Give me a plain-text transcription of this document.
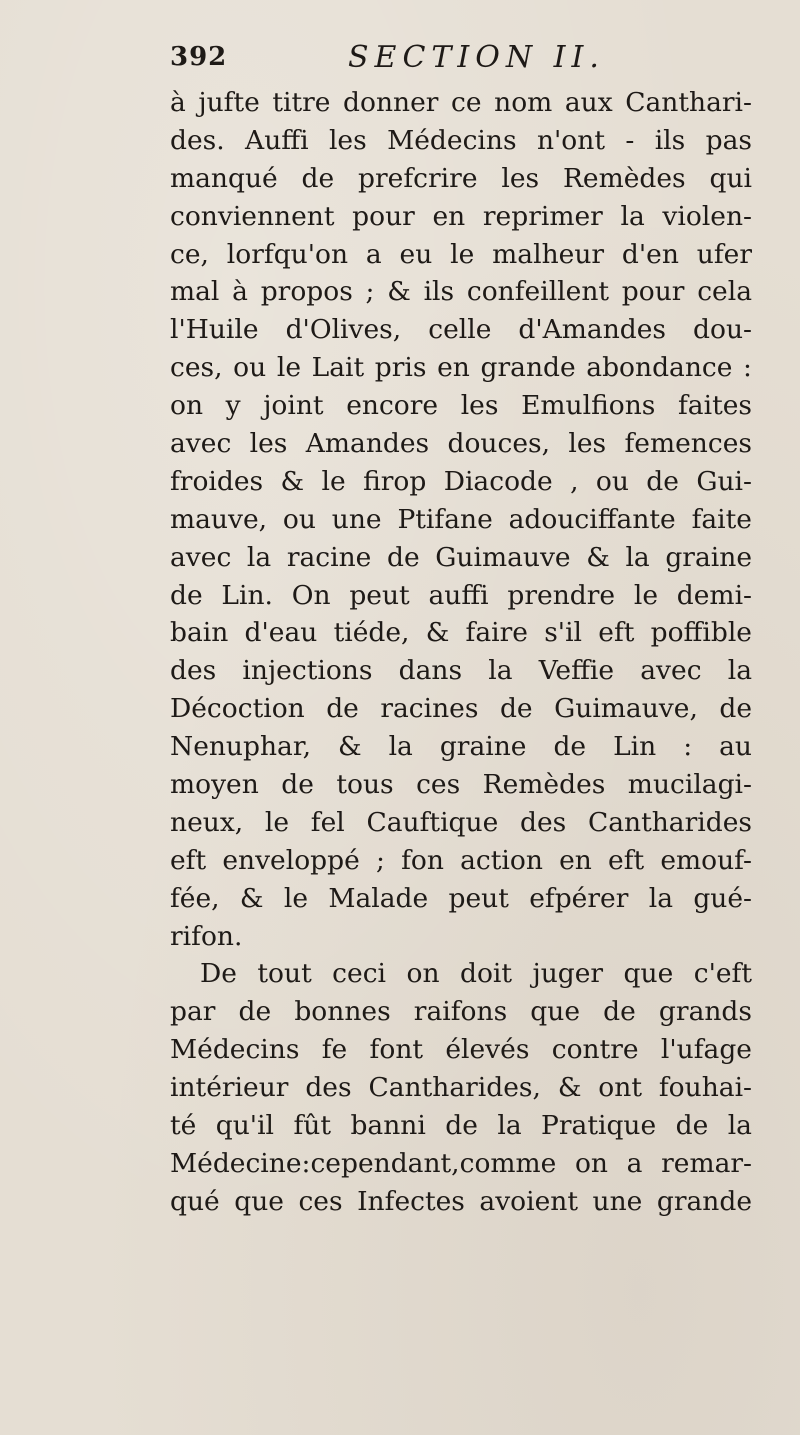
392	SECTION II.
à jufte titre donner ce nom aux Canthari-
des. Auffi les Médecins n'ont - ils pas
manqué de prefcrire les Remèdes qui
conviennent pour en reprimer la violen-
ce, lorfqu'on a eu le malheur d'en ufer
mal à propos ; & ils confeillent pour cela
l'Huile d'Olives, celle d'Amandes dou-
ces, ou le Lait pris en grande abondance :
on y joint encore les Emulfions faites
avec les Amandes douces, les femences
froides & le firop Diacode , ou de Gui-
mauve, ou une Ptifane adouciffante faite
avec la racine de Guimauve & la graine
de Lin. On peut auffi prendre le demi-
bain d'eau tiéde, & faire s'il eft poffible
des injections dans la Veffie avec la
Décoction de racines de Guimauve, de
Nenuphar, & la graine de Lin : au
moyen de tous ces Remèdes mucilagi-
neux, le fel Cauftique des Cantharides
eft enveloppé ; fon action en eft emouf-
fée, & le Malade peut efpérer la gué-
rifon.
De tout ceci on doit juger que c'eft
par de bonnes raifons que de grands
Médecins fe font élevés contre l'ufage
intérieur des Cantharides, & ont fouhai-
té qu'il fût banni de la Pratique de la
Médecine:cependant,comme on a remar-
qué que ces Infectes avoient une grande
